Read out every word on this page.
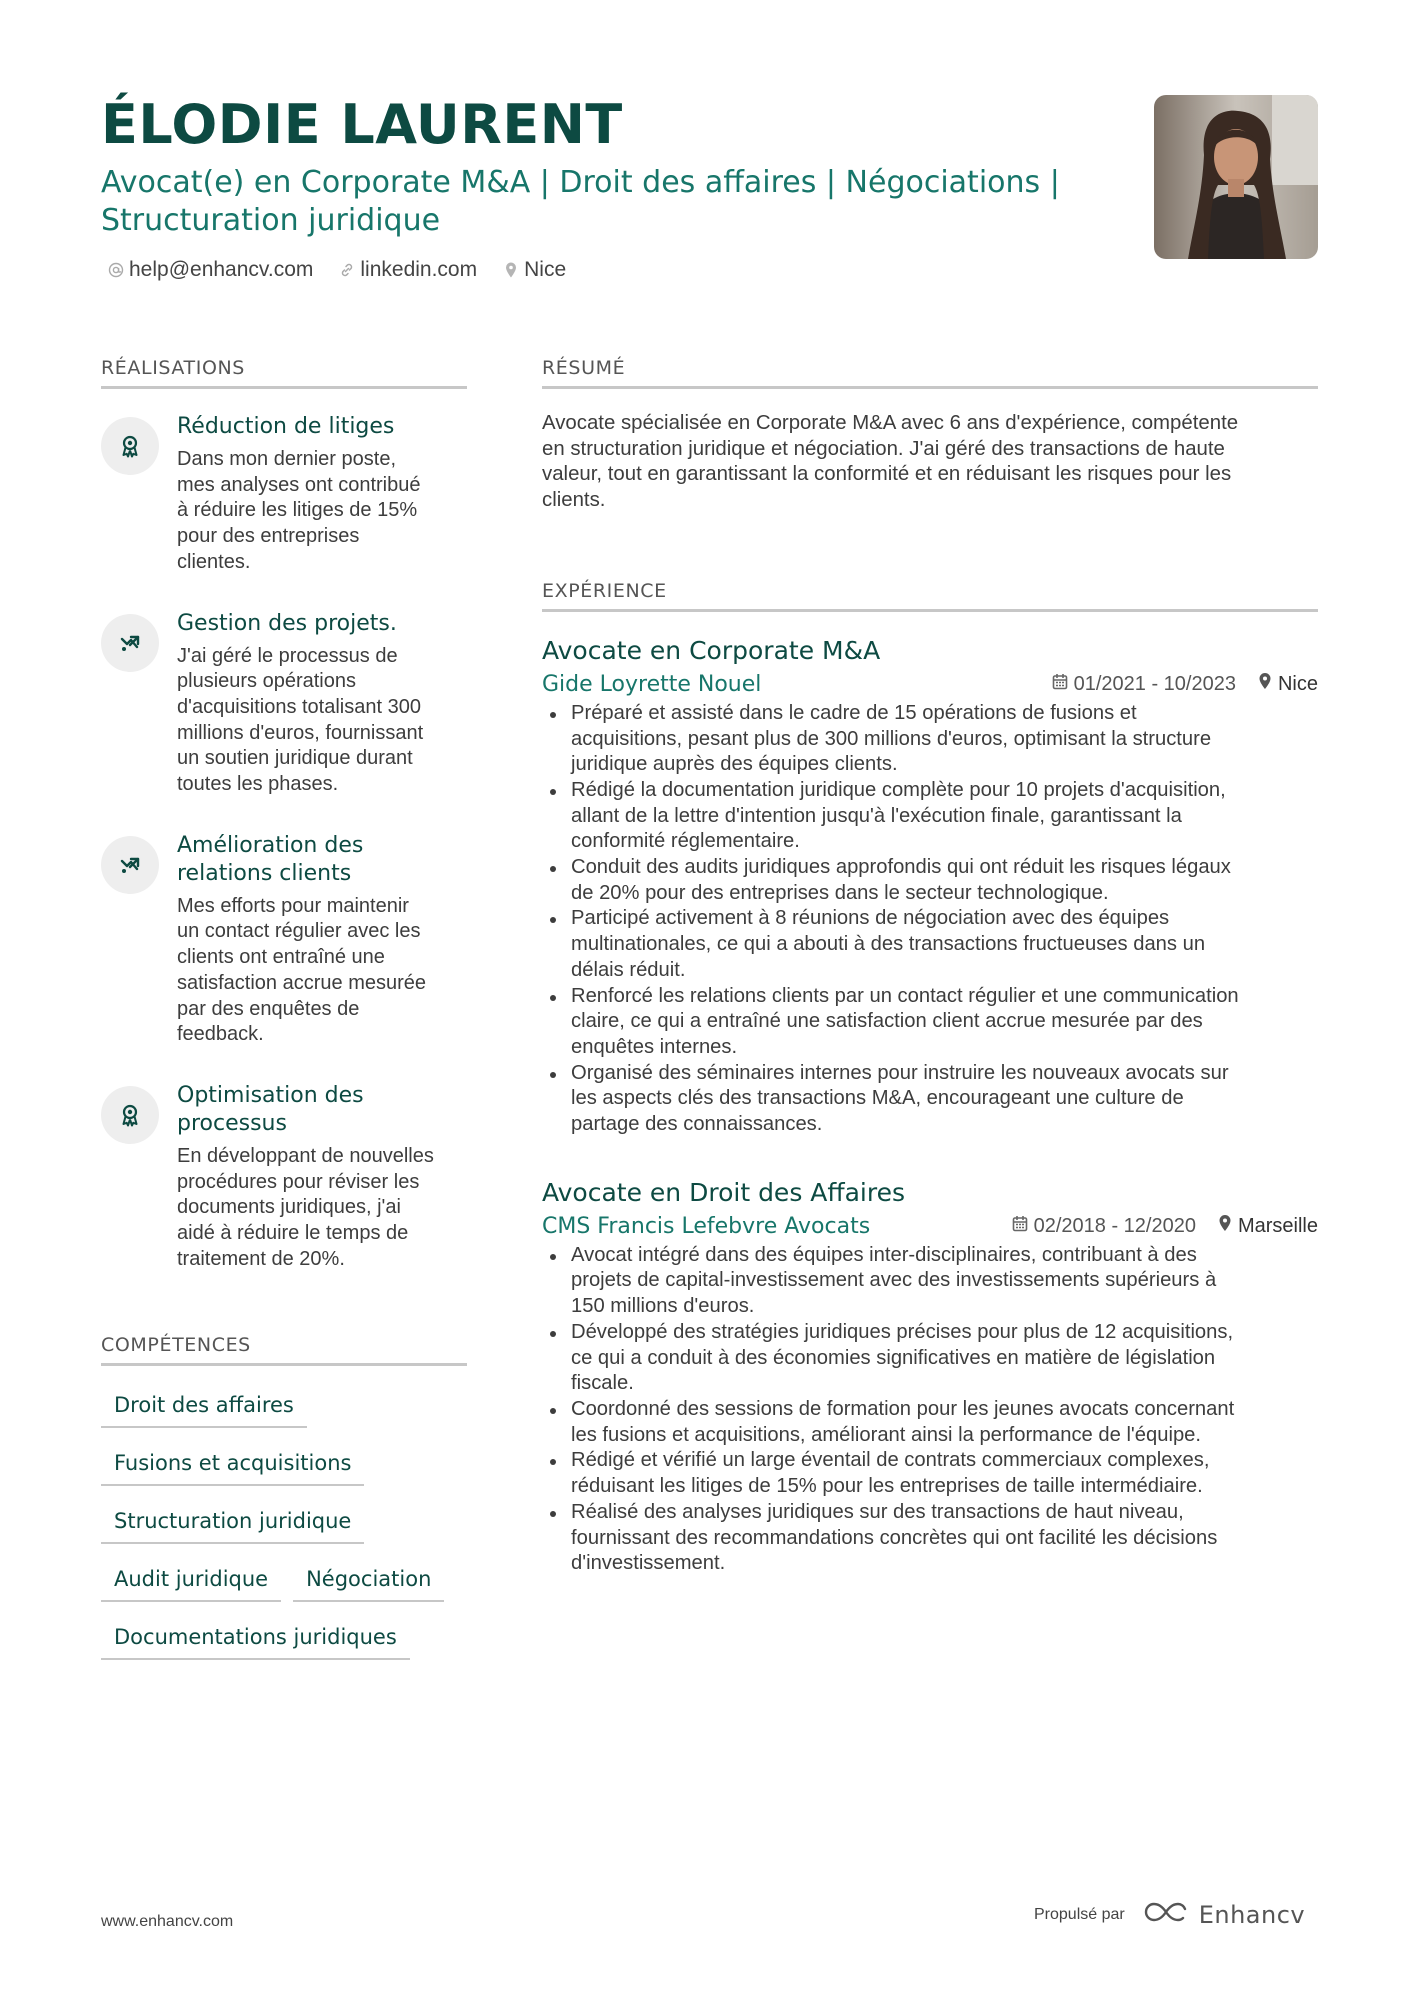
ÉLODIE LAURENT
Avocat(e) en Corporate M&A | Droit des affaires | Négociations |
Structuration juridique
help@enhancv.com linkedin.com Nice
RÉALISATIONS
Réduction de litiges
Dans mon dernier poste,
mes analyses ont contribué
à réduire les litiges de 15%
pour des entreprises
clientes.
Gestion des projets.
J'ai géré le processus de
plusieurs opérations
d'acquisitions totalisant 300
millions d'euros, fournissant
un soutien juridique durant
toutes les phases.
Amélioration des
relations clients
Mes efforts pour maintenir
un contact régulier avec les
clients ont entraîné une
satisfaction accrue mesurée
par des enquêtes de
feedback.
Optimisation des
processus
En développant de nouvelles
procédures pour réviser les
documents juridiques, j'ai
aidé à réduire le temps de
traitement de 20%.
COMPÉTENCES
Droit des affaires
Fusions et acquisitions
Structuration juridique
Audit juridique	Négociation
Documentations juridiques
RÉSUMÉ
Avocate spécialisée en Corporate M&A avec 6 ans d'expérience, compétente
en structuration juridique et négociation. J'ai géré des transactions de haute
valeur, tout en garantissant la conformité et en réduisant les risques pour les
clients.
EXPÉRIENCE
Avocate en Corporate M&A
Gide Loyrette Nouel	01/2021 - 10/2023 Nice
Préparé et assisté dans le cadre de 15 opérations de fusions et
acquisitions, pesant plus de 300 millions d'euros, optimisant la structure
juridique auprès des équipes clients.
Rédigé la documentation juridique complète pour 10 projets d'acquisition,
allant de la lettre d'intention jusqu'à l'exécution finale, garantissant la
conformité réglementaire.
Conduit des audits juridiques approfondis qui ont réduit les risques légaux
de 20% pour des entreprises dans le secteur technologique.
Participé activement à 8 réunions de négociation avec des équipes
multinationales, ce qui a abouti à des transactions fructueuses dans un
délais réduit.
Renforcé les relations clients par un contact régulier et une communication
claire, ce qui a entraîné une satisfaction client accrue mesurée par des
enquêtes internes.
Organisé des séminaires internes pour instruire les nouveaux avocats sur
les aspects clés des transactions M&A, encourageant une culture de
partage des connaissances.
Avocate en Droit des Affaires
CMS Francis Lefebvre Avocats	02/2018 - 12/2020 Marseille
Avocat intégré dans des équipes inter-disciplinaires, contribuant à des
projets de capital-investissement avec des investissements supérieurs à
150 millions d'euros.
Développé des stratégies juridiques précises pour plus de 12 acquisitions,
ce qui a conduit à des économies significatives en matière de législation
fiscale.
Coordonné des sessions de formation pour les jeunes avocats concernant
les fusions et acquisitions, améliorant ainsi la performance de l'équipe.
Rédigé et vérifié un large éventail de contrats commerciaux complexes,
réduisant les litiges de 15% pour les entreprises de taille intermédiaire.
Réalisé des analyses juridiques sur des transactions de haut niveau,
fournissant des recommandations concrètes qui ont facilité les décisions
d'investissement.
www.enhancv.com	Propulsé par	Enhancv
